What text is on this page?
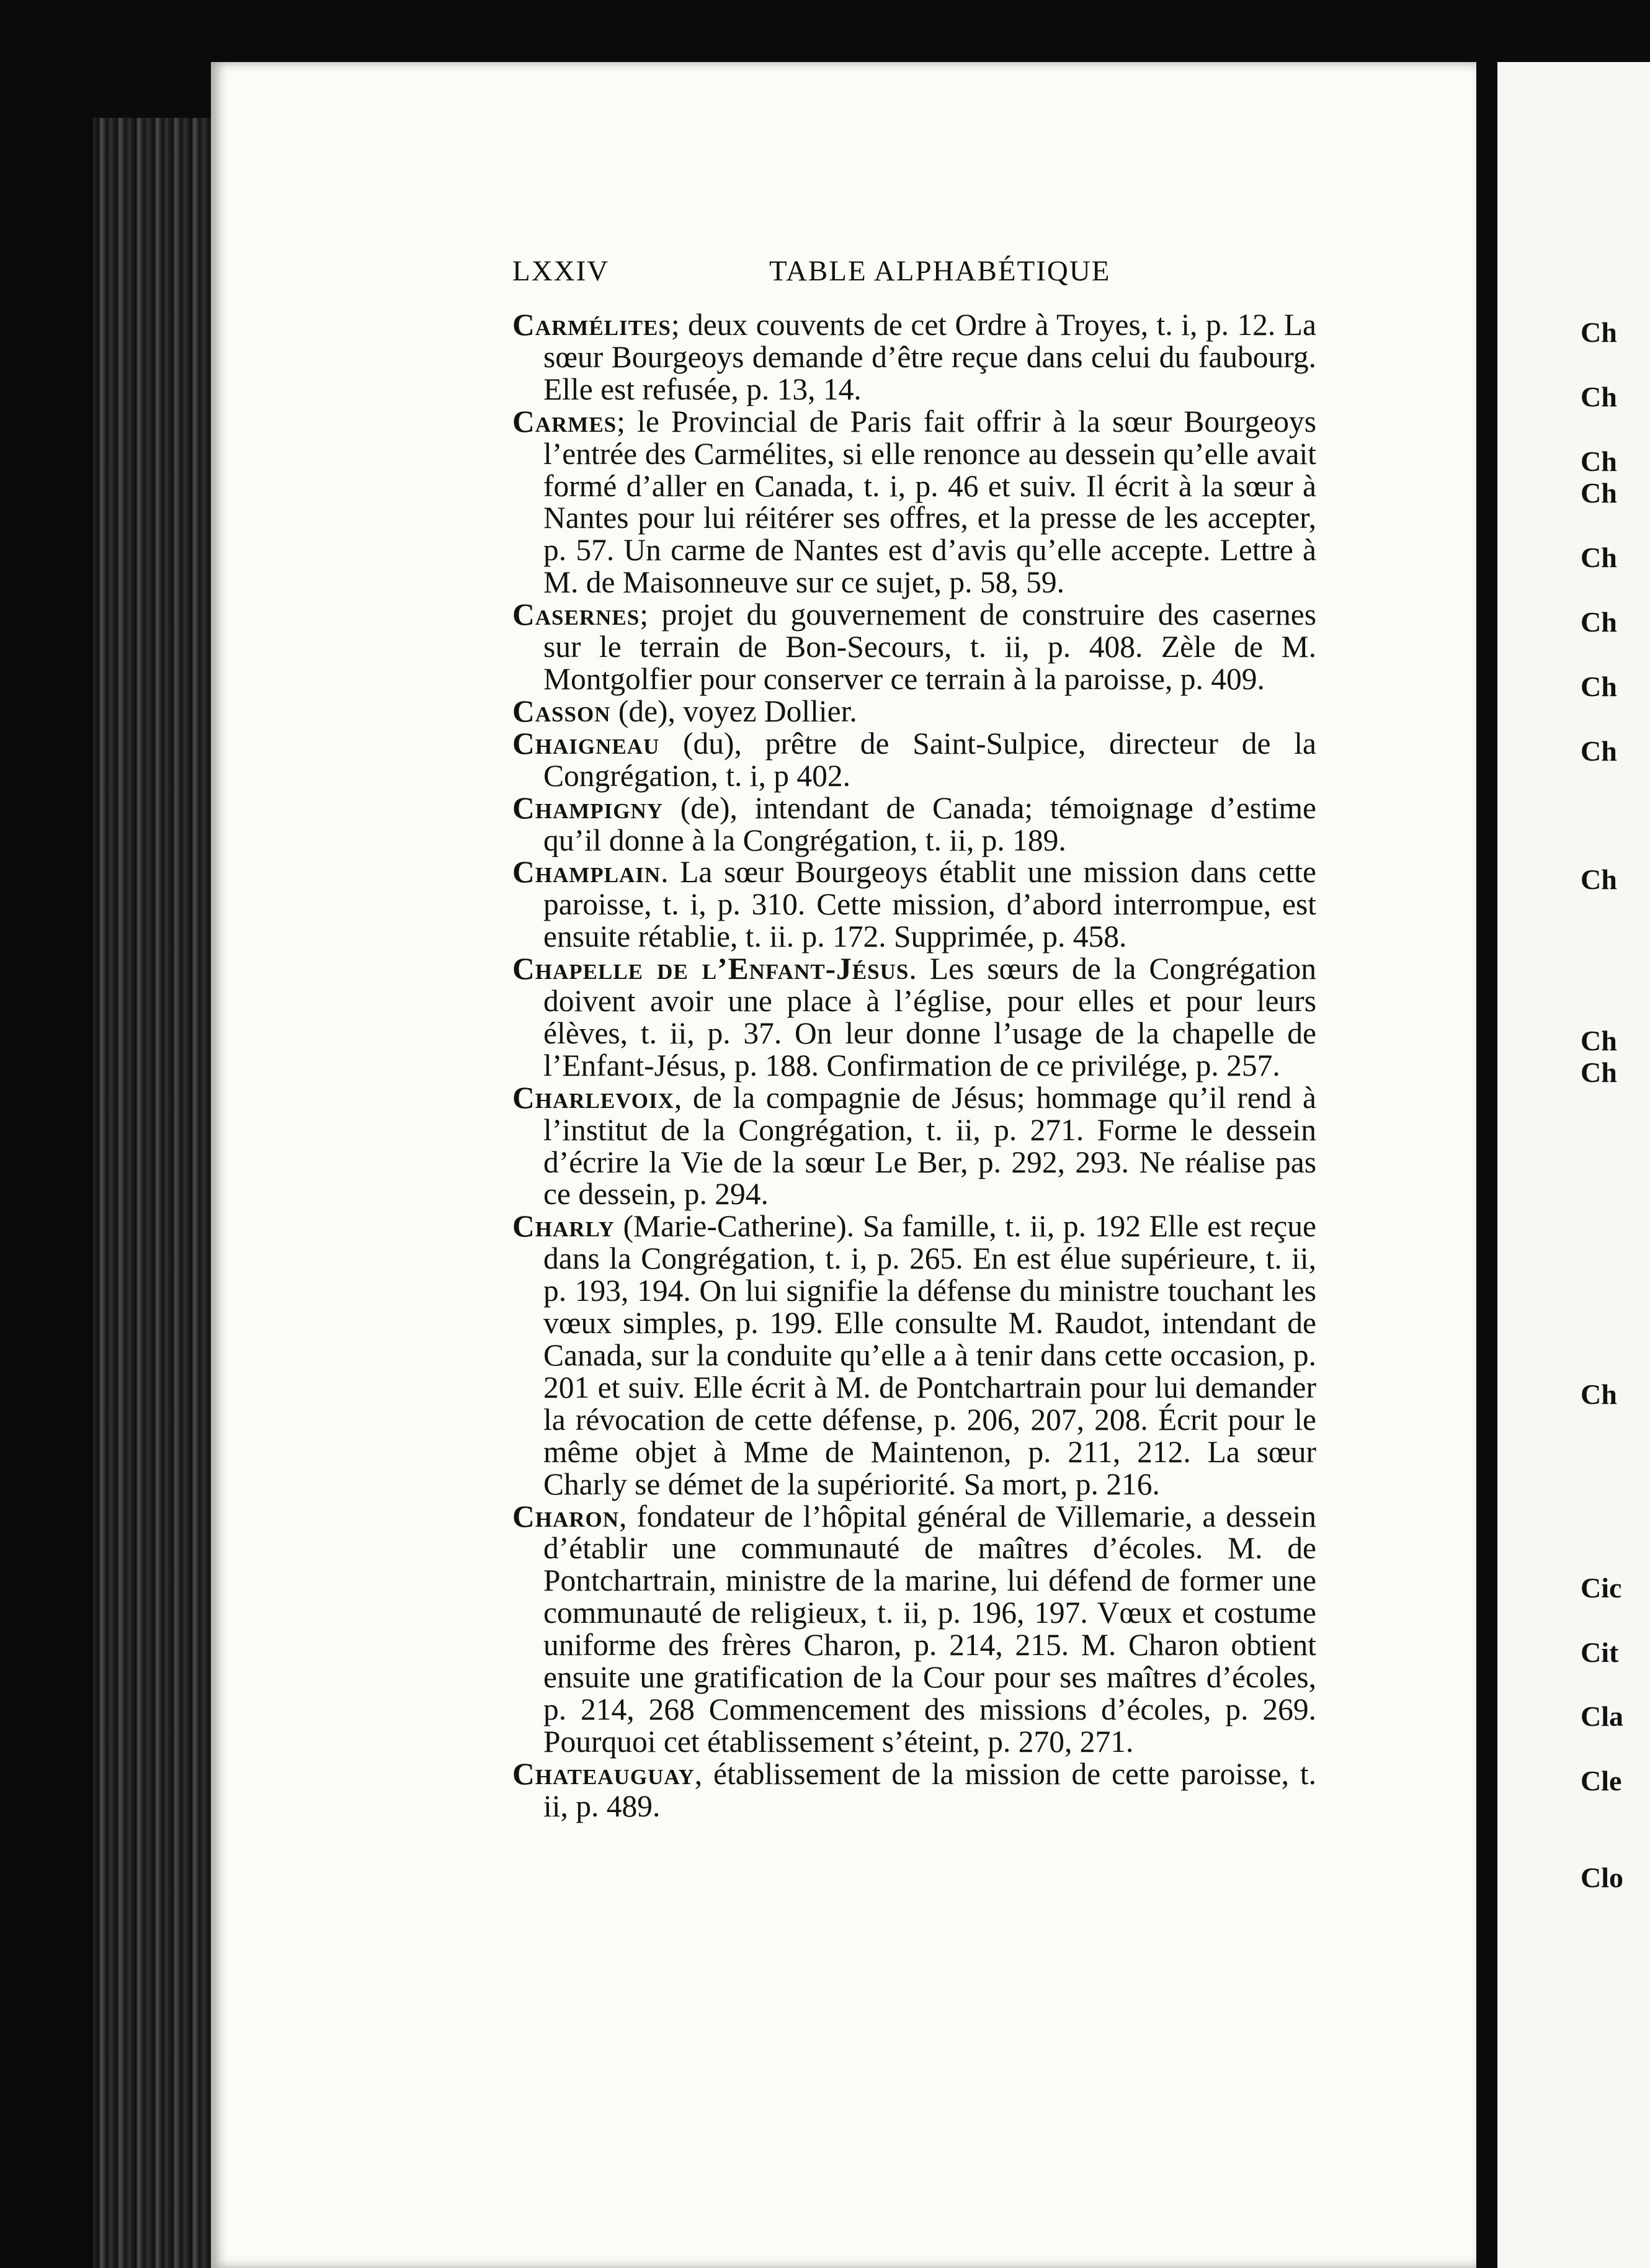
LXXIV	TABLE ALPHABÉTIQUE

Carmélites; deux couvents de cet Ordre à Troyes, t. i, p. 12. La sœur Bourgeoys demande d’être reçue dans celui du faubourg. Elle est refusée, p. 13, 14.

Carmes; le Provincial de Paris fait offrir à la sœur Bourgeoys l’entrée des Carmélites, si elle renonce au dessein qu’elle avait formé d’aller en Canada, t. i, p. 46 et suiv. Il écrit à la sœur à Nantes pour lui réitérer ses offres, et la presse de les accepter, p. 57. Un carme de Nantes est d’avis qu’elle accepte. Lettre à M. de Maisonneuve sur ce sujet, p. 58, 59.

Casernes; projet du gouvernement de construire des casernes sur le terrain de Bon-Secours, t. ii, p. 408. Zèle de M. Montgolfier pour conserver ce terrain à la paroisse, p. 409.

Casson (de), voyez Dollier.

Chaigneau (du), prêtre de Saint-Sulpice, directeur de la Congrégation, t. i, p 402.

Champigny (de), intendant de Canada; témoignage d’estime qu’il donne à la Congrégation, t. ii, p. 189.

Champlain. La sœur Bourgeoys établit une mission dans cette paroisse, t. i, p. 310. Cette mission, d’abord interrompue, est ensuite rétablie, t. ii. p. 172. Supprimée, p. 458.

Chapelle de l’Enfant-Jésus. Les sœurs de la Congrégation doivent avoir une place à l’église, pour elles et pour leurs élèves, t. ii, p. 37. On leur donne l’usage de la chapelle de l’Enfant-Jésus, p. 188. Confirmation de ce privilége, p. 257.

Charlevoix, de la compagnie de Jésus; hommage qu’il rend à l’institut de la Congrégation, t. ii, p. 271. Forme le dessein d’écrire la Vie de la sœur Le Ber, p. 292, 293. Ne réalise pas ce dessein, p. 294.

Charly (Marie-Catherine). Sa famille, t. ii, p. 192 Elle est reçue dans la Congrégation, t. i, p. 265. En est élue supérieure, t. ii, p. 193, 194. On lui signifie la défense du ministre touchant les vœux simples, p. 199. Elle consulte M. Raudot, intendant de Canada, sur la conduite qu’elle a à tenir dans cette occasion, p. 201 et suiv. Elle écrit à M. de Pontchartrain pour lui demander la révocation de cette défense, p. 206, 207, 208. Écrit pour le même objet à Mme de Maintenon, p. 211, 212. La sœur Charly se démet de la supériorité. Sa mort, p. 216.

Charon, fondateur de l’hôpital général de Villemarie, a dessein d’établir une communauté de maîtres d’écoles. M. de Pontchartrain, ministre de la marine, lui défend de former une communauté de religieux, t. ii, p. 196, 197. Vœux et costume uniforme des frères Charon, p. 214, 215. M. Charon obtient ensuite une gratification de la Cour pour ses maîtres d’écoles, p. 214, 268 Commencement des missions d’écoles, p. 269. Pourquoi cet établissement s’éteint, p. 270, 271.

Chateauguay, établissement de la mission de cette paroisse, t. ii, p. 489.

Ch
Ch
Ch
Ch
Ch
Ch
Ch
Ch
Ch
Ch
Ch
Ch
Cic
Cit
Cla
Cle
Clo
